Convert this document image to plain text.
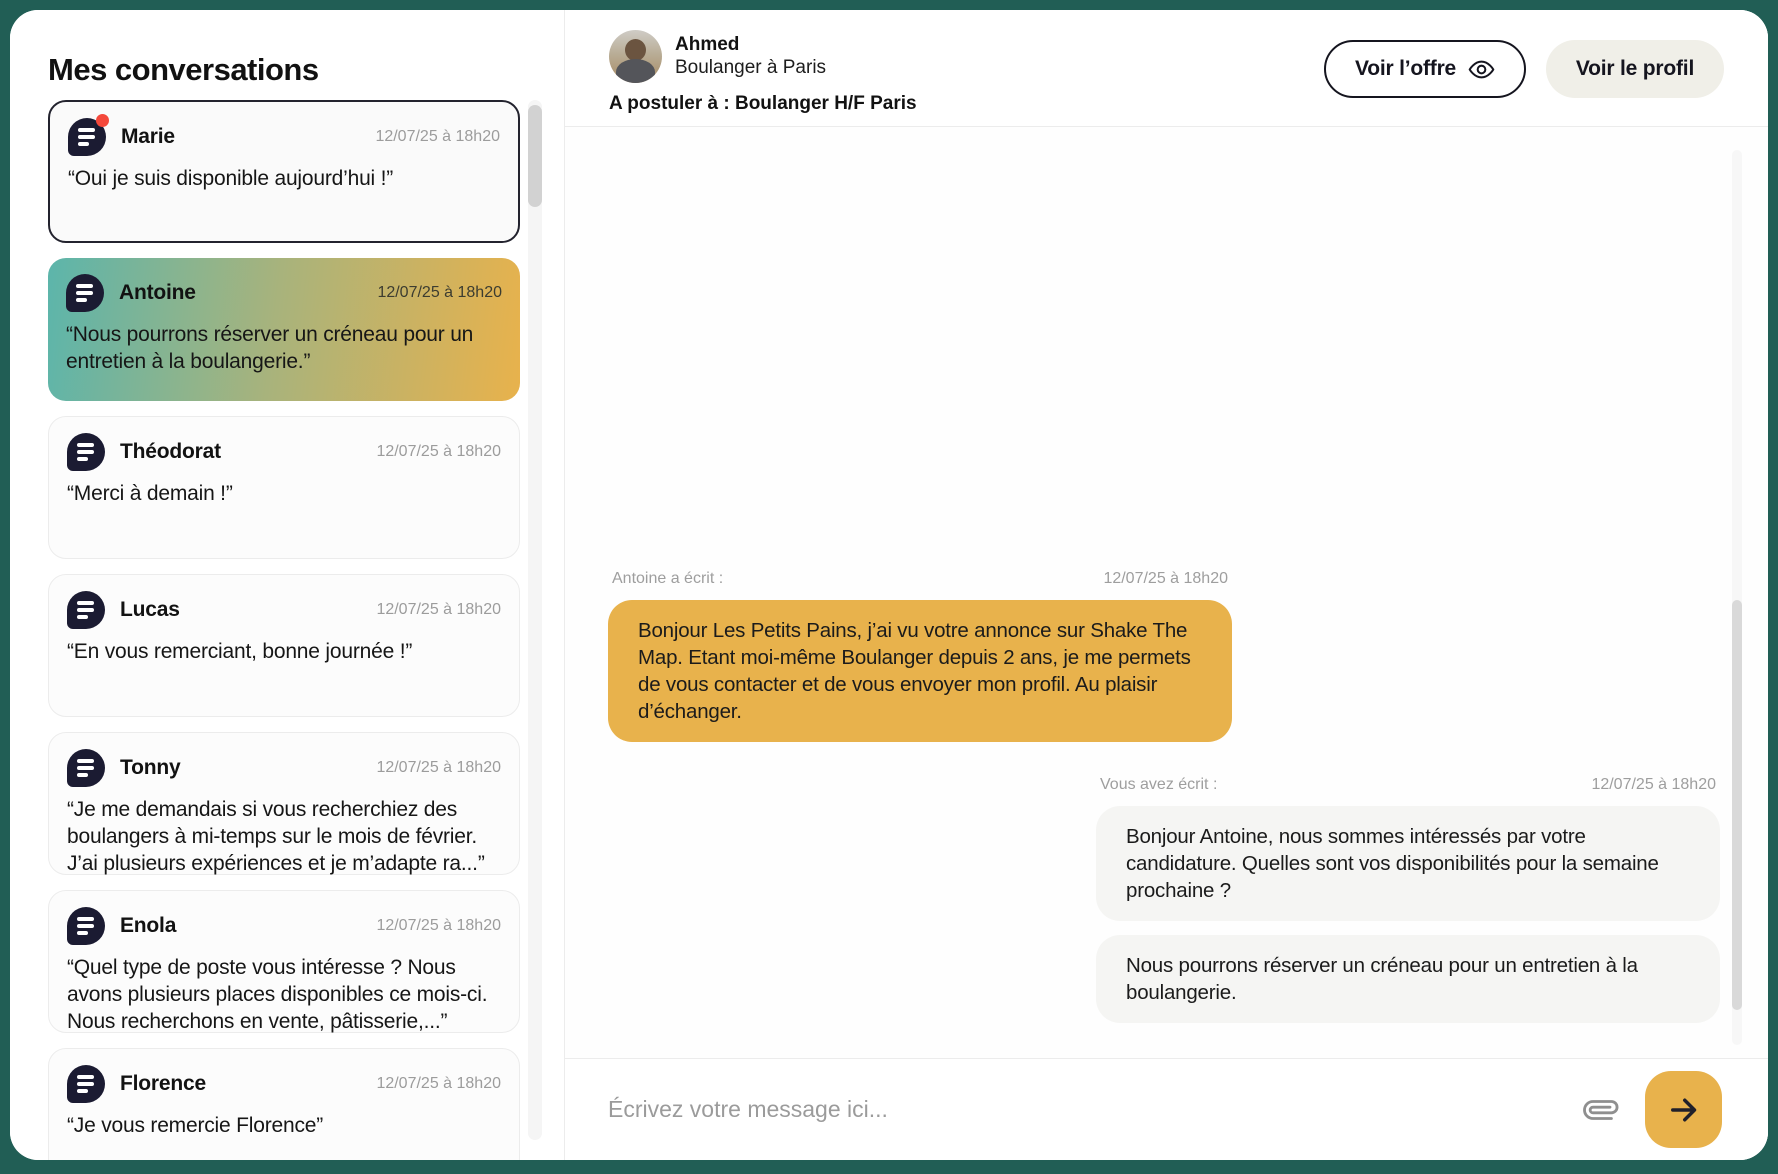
Mes conversations
Marie	12/07/25 à 18h20
“Oui je suis disponible aujourd’hui !”
Antoine	12/07/25 à 18h20
“Nous pourrons réserver un créneau pour un entretien à la boulangerie.”
Théodorat	12/07/25 à 18h20
“Merci à demain !”
Lucas	12/07/25 à 18h20
“En vous remerciant, bonne journée !”
Tonny	12/07/25 à 18h20
“Je me demandais si vous recherchiez des boulangers à mi-temps sur le mois de février. J’ai plusieurs expériences et je m’adapte ra...”
Enola	12/07/25 à 18h20
“Quel type de poste vous intéresse ? Nous avons plusieurs places disponibles ce mois-ci. Nous recherchons en vente, pâtisserie,...”
Florence	12/07/25 à 18h20
“Je vous remercie Florence”
Ahmed
Boulanger à Paris
A postuler à : Boulanger H/F Paris
Voir l’offre	Voir le profil
Antoine a écrit :	12/07/25 à 18h20
Bonjour Les Petits Pains, j’ai vu votre annonce sur Shake The Map. Etant moi-même Boulanger depuis 2 ans, je me permets de vous contacter et de vous envoyer mon profil. Au plaisir d’échanger.
Vous avez écrit :	12/07/25 à 18h20
Bonjour Antoine, nous sommes intéressés par votre candidature. Quelles sont vos disponibilités pour la semaine prochaine ?
Nous pourrons réserver un créneau pour un entretien à la boulangerie.
Écrivez votre message ici...
